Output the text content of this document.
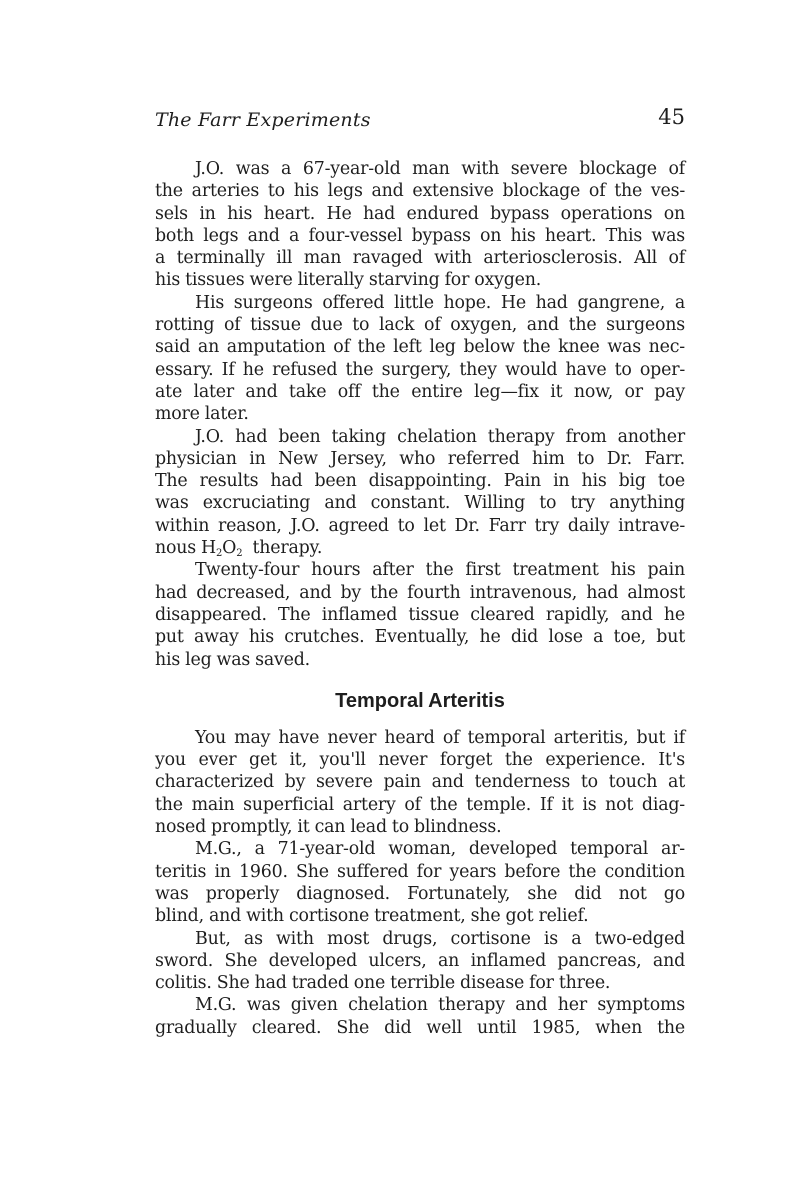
The Farr Experiments	45

J.O. was a 67-year-old man with severe blockage of
the arteries to his legs and extensive blockage of the ves-
sels in his heart. He had endured bypass operations on
both legs and a four-vessel bypass on his heart. This was
a terminally ill man ravaged with arteriosclerosis. All of
his tissues were literally starving for oxygen.

His surgeons offered little hope. He had gangrene, a
rotting of tissue due to lack of oxygen, and the surgeons
said an amputation of the left leg below the knee was nec-
essary. If he refused the surgery, they would have to oper-
ate later and take off the entire leg—fix it now, or pay
more later.

J.O. had been taking chelation therapy from another
physician in New Jersey, who referred him to Dr. Farr.
The results had been disappointing. Pain in his big toe
was excruciating and constant. Willing to try anything
within reason, J.O. agreed to let Dr. Farr try daily intrave-
nous $H_2O_2$  therapy.

Twenty-four hours after the first treatment his pain
had decreased, and by the fourth intravenous, had almost
disappeared. The inflamed tissue cleared rapidly, and he
put away his crutches. Eventually, he did lose a toe, but
his leg was saved.

Temporal Arteritis

You may have never heard of temporal arteritis, but if
you ever get it, you'll never forget the experience. It's
characterized by severe pain and tenderness to touch at
the main superficial artery of the temple. If it is not diag-
nosed promptly, it can lead to blindness.

M.G., a 71-year-old woman, developed temporal ar-
teritis in 1960. She suffered for years before the condition
was properly diagnosed. Fortunately, she did not go
blind, and with cortisone treatment, she got relief.

But, as with most drugs, cortisone is a two-edged
sword. She developed ulcers, an inflamed pancreas, and
colitis. She had traded one terrible disease for three.

M.G. was given chelation therapy and her symptoms
gradually cleared. She did well until 1985, when the
